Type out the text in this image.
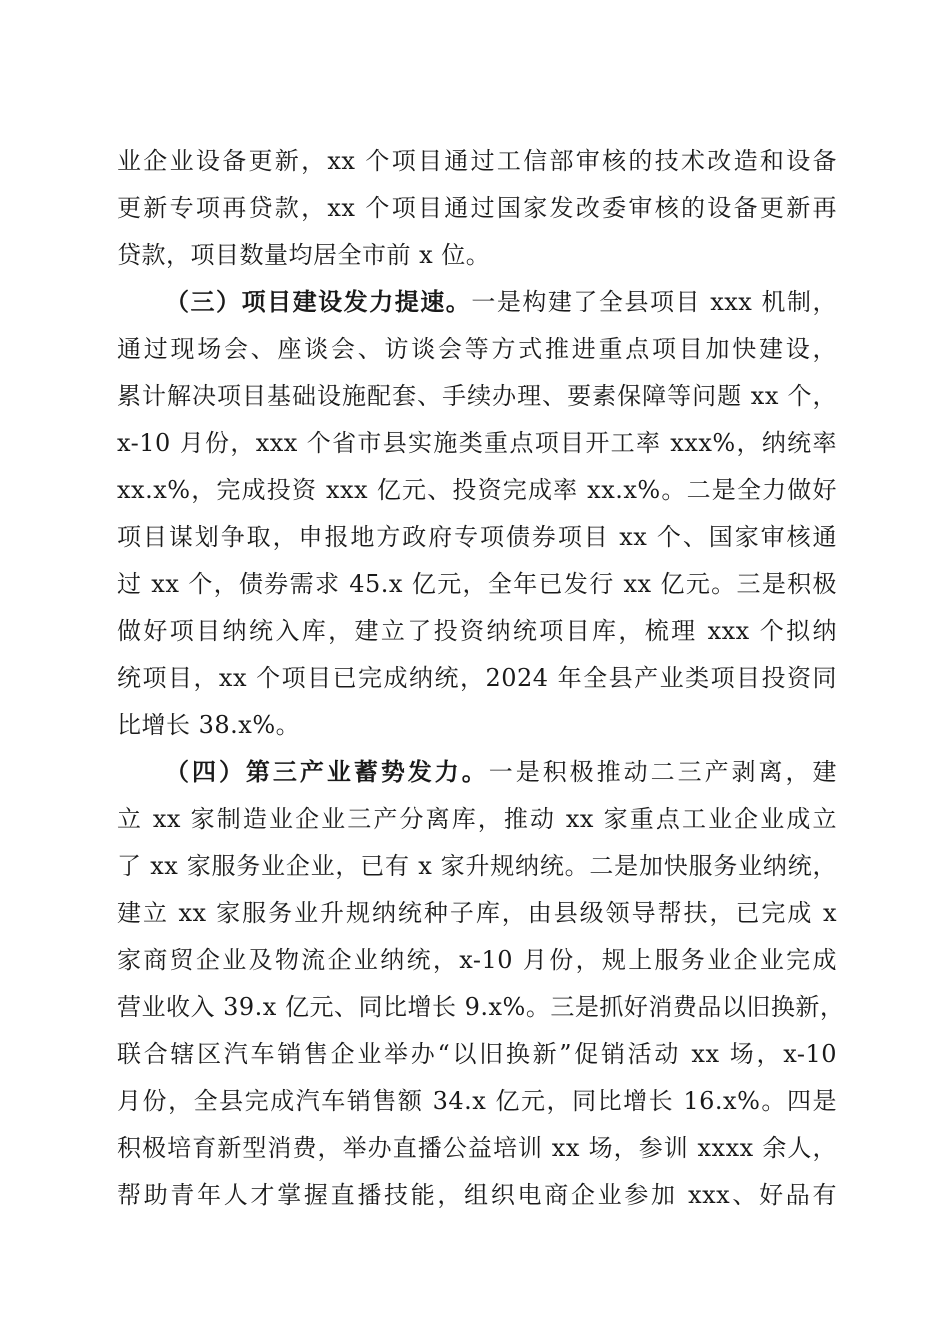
业企业设备更新，xx 个项目通过工信部审核的技术改造和设备
更新专项再贷款，xx 个项目通过国家发改委审核的设备更新再
贷款，项目数量均居全市前 x 位。
（三）项目建设发力提速。一是构建了全县项目 xxx 机制，
通过现场会、座谈会、访谈会等方式推进重点项目加快建设，
累计解决项目基础设施配套、手续办理、要素保障等问题 xx 个，
x-10 月份，xxx 个省市县实施类重点项目开工率 xxx%，纳统率
xx.x%，完成投资 xxx 亿元、投资完成率 xx.x%。二是全力做好
项目谋划争取，申报地方政府专项债券项目 xx 个、国家审核通
过 xx 个，债券需求 45.x 亿元，全年已发行 xx 亿元。三是积极
做好项目纳统入库，建立了投资纳统项目库，梳理 xxx 个拟纳
统项目，xx 个项目已完成纳统，2024 年全县产业类项目投资同
比增长 38.x%。
（四）第三产业蓄势发力。一是积极推动二三产剥离，建
立 xx 家制造业企业三产分离库，推动 xx 家重点工业企业成立
了 xx 家服务业企业，已有 x 家升规纳统。二是加快服务业纳统，
建立 xx 家服务业升规纳统种子库，由县级领导帮扶，已完成 x
家商贸企业及物流企业纳统，x-10 月份，规上服务业企业完成
营业收入 39.x 亿元、同比增长 9.x%。三是抓好消费品以旧换新，
联合辖区汽车销售企业举办“以旧换新”促销活动 xx 场，x-10
月份，全县完成汽车销售额 34.x 亿元，同比增长 16.x%。四是
积极培育新型消费，举办直播公益培训 xx 场，参训 xxxx 余人，
帮助青年人才掌握直播技能，组织电商企业参加 xxx、好品有
